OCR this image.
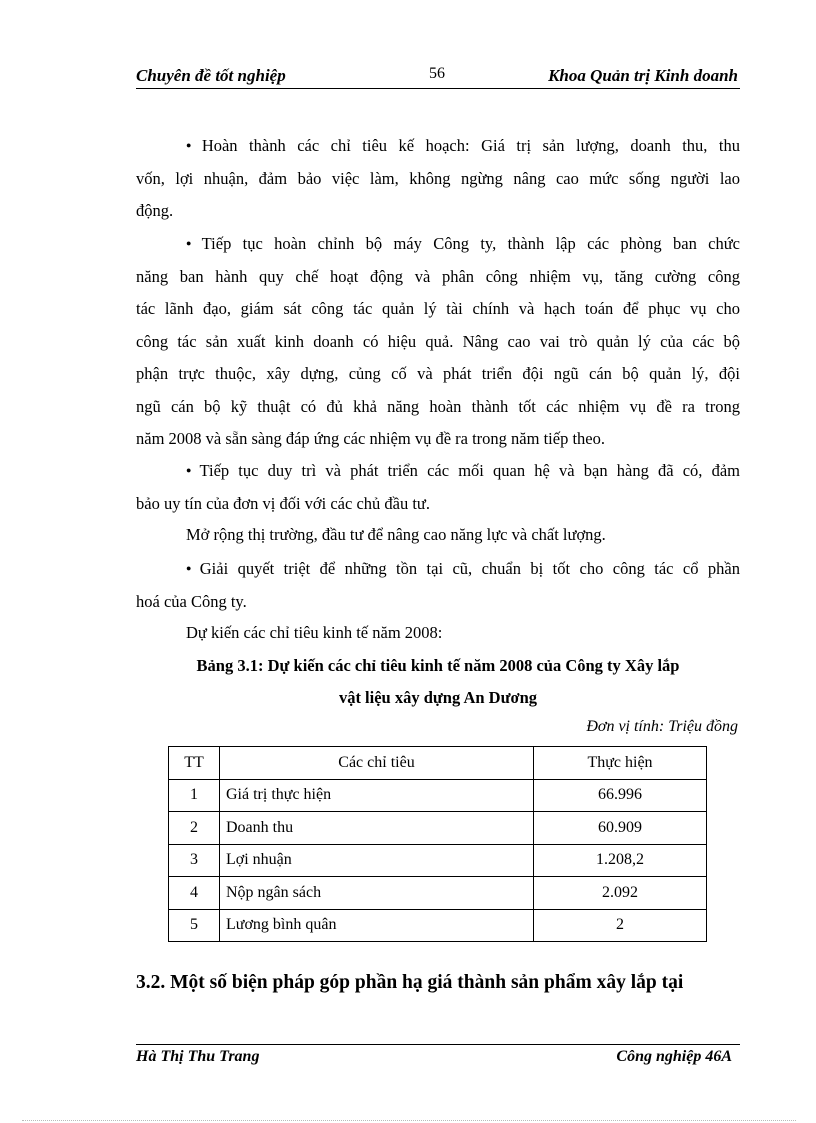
Chuyên đề tốt nghiệp	56	Khoa Quản trị Kinh doanh
● Hoàn thành các chỉ tiêu kế hoạch: Giá trị sản lượng, doanh thu, thu
vốn, lợi nhuận, đảm bảo việc làm, không ngừng nâng cao mức sống người lao
động.
● Tiếp tục hoàn chỉnh bộ máy Công ty, thành lập các phòng ban chức
năng ban hành quy chế hoạt động và phân công nhiệm vụ, tăng cường công
tác lãnh đạo, giám sát công tác quản lý tài chính và hạch toán để phục vụ cho
công tác sản xuất kinh doanh có hiệu quả. Nâng cao vai trò quản lý của các bộ
phận trực thuộc, xây dựng, củng cố và phát triển đội ngũ cán bộ quản lý, đội
ngũ cán bộ kỹ thuật có đủ khả năng hoàn thành tốt các nhiệm vụ đề ra trong
năm 2008 và sẵn sàng đáp ứng các nhiệm vụ đề ra trong năm tiếp theo.
● Tiếp tục duy trì và phát triển các mối quan hệ và bạn hàng đã có, đảm
bảo uy tín của đơn vị đối với các chủ đầu tư.
Mở rộng thị trường, đầu tư để nâng cao năng lực và chất lượng.
● Giải quyết triệt để những tồn tại cũ, chuẩn bị tốt cho công tác cổ phần
hoá của Công ty.
Dự kiến các chỉ tiêu kinh tế năm 2008:
Bảng 3.1: Dự kiến các chỉ tiêu kinh tế năm 2008 của Công ty Xây lắp
vật liệu xây dựng An Dương
Đơn vị tính: Triệu đồng
TT	Các chỉ tiêu	Thực hiện
1	Giá trị thực hiện	66.996
2	Doanh thu	60.909
3	Lợi nhuận	1.208,2
4	Nộp ngân sách	2.092
5	Lương bình quân	2
3.2. Một số biện pháp góp phần hạ giá thành sản phẩm xây lắp tại
Hà Thị Thu Trang	Công nghiệp 46A
